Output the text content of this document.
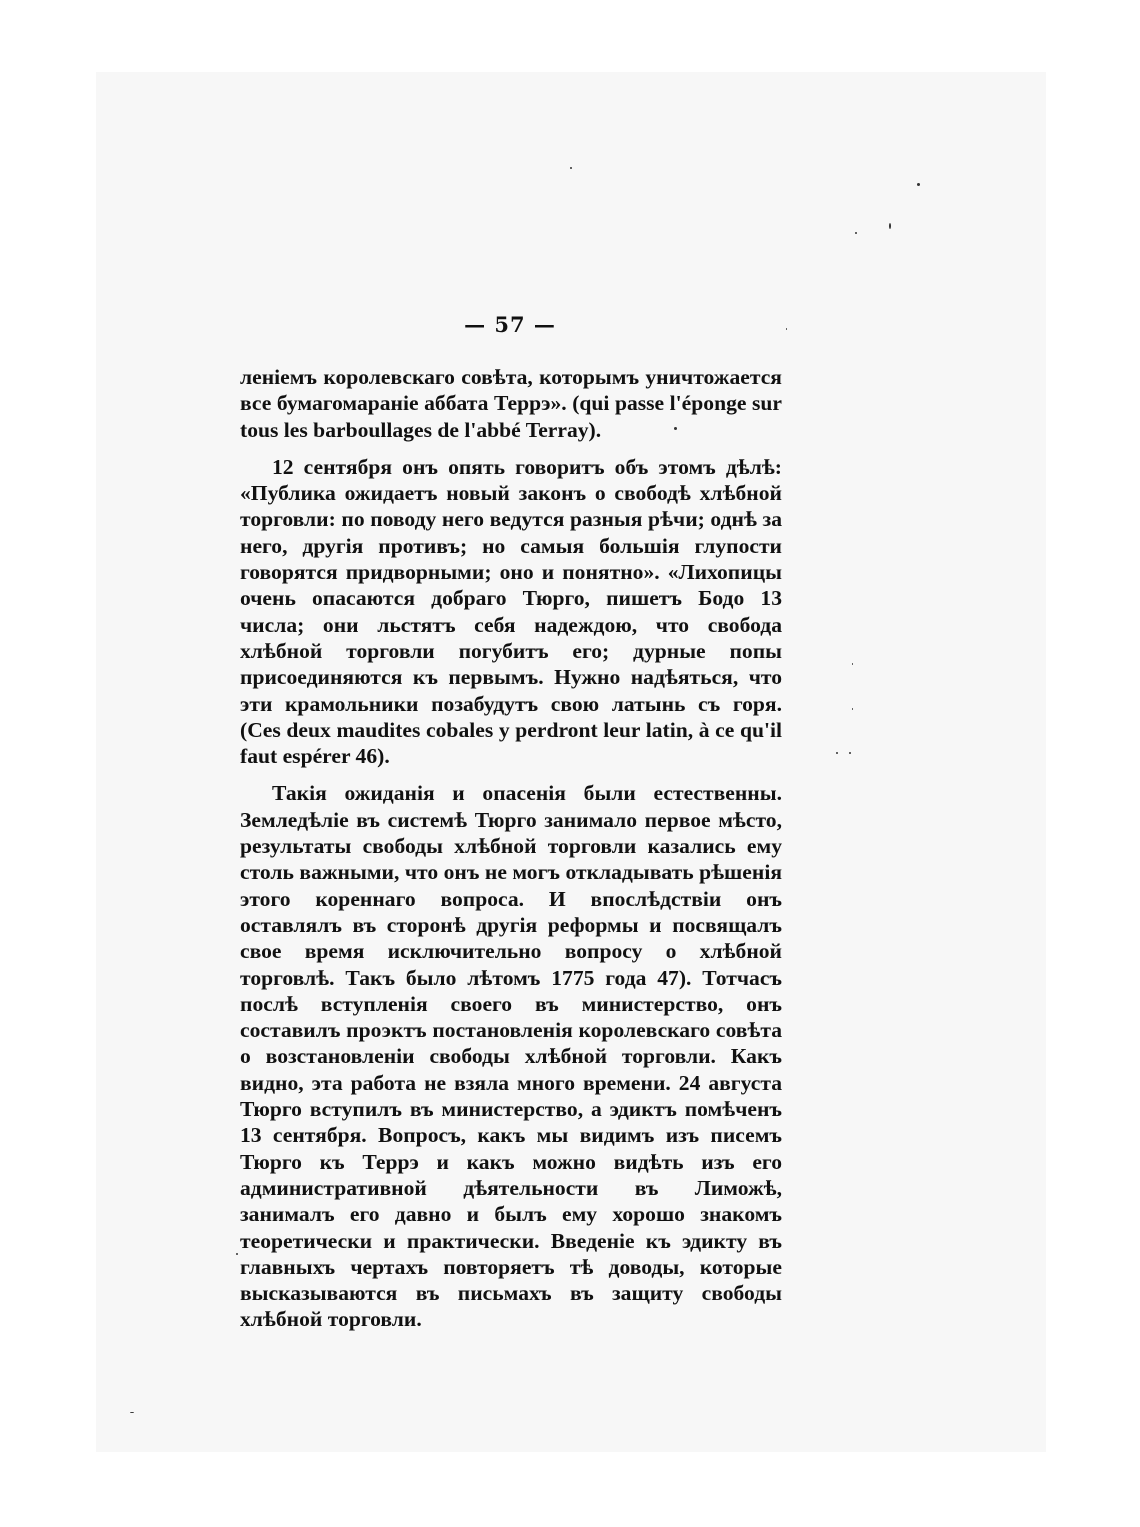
— 57 —

ленiемъ королевскаго совѣта, которымъ уничтожается все бумагомаранiе аббата Террэ». (qui passe l'éponge sur tous les barboullages de l'abbé Terray).

12 сентября онъ опять говоритъ объ этомъ дѣлѣ: «Публика ожидаетъ новый законъ о свободѣ хлѣбной торговли: по поводу него ведутся разныя рѣчи; однѣ за него, другiя противъ; но самыя большiя глупости говорятся придворными; оно и понятно». «Лихопицы очень опасаются добраго Тюрго, пишетъ Бодо 13 числа; они льстятъ себя надеждою, что свобода хлѣбной торговли погубитъ его; дурные попы присоединяются къ первымъ. Нужно надѣяться, что эти крамольники позабудутъ свою латынь съ горя. (Ces deux maudites cobales y perdront leur latin, à ce qu'il faut espérer 46).

Такiя ожиданiя и опасенiя были естественны. Земледѣлiе въ системѣ Тюрго занимало первое мѣсто, результаты свободы хлѣбной торговли казались ему столь важными, что онъ не могъ откладывать рѣшенiя этого кореннаго вопроса. И впослѣдствiи онъ оставлялъ въ сторонѣ другiя реформы и посвящалъ свое время исключительно вопросу о хлѣбной торговлѣ. Такъ было лѣтомъ 1775 года 47). Тотчасъ послѣ вступленiя своего въ министерство, онъ составилъ проэктъ постановленiя королевскаго совѣта о возстановленiи свободы хлѣбной торговли. Какъ видно, эта работа не взяла много времени. 24 августа Тюрго вступилъ въ министерство, а эдиктъ помѣченъ 13 сентября. Вопросъ, какъ мы видимъ изъ писемъ Тюрго къ Террэ и какъ можно видѣть изъ его административной дѣятельности въ Лиможѣ, занималъ его давно и былъ ему хорошо знакомъ теоретически и практически. Введенiе къ эдикту въ главныхъ чертахъ повторяетъ тѣ доводы, которые высказываются въ письмахъ въ защиту свободы хлѣбной торговли.
